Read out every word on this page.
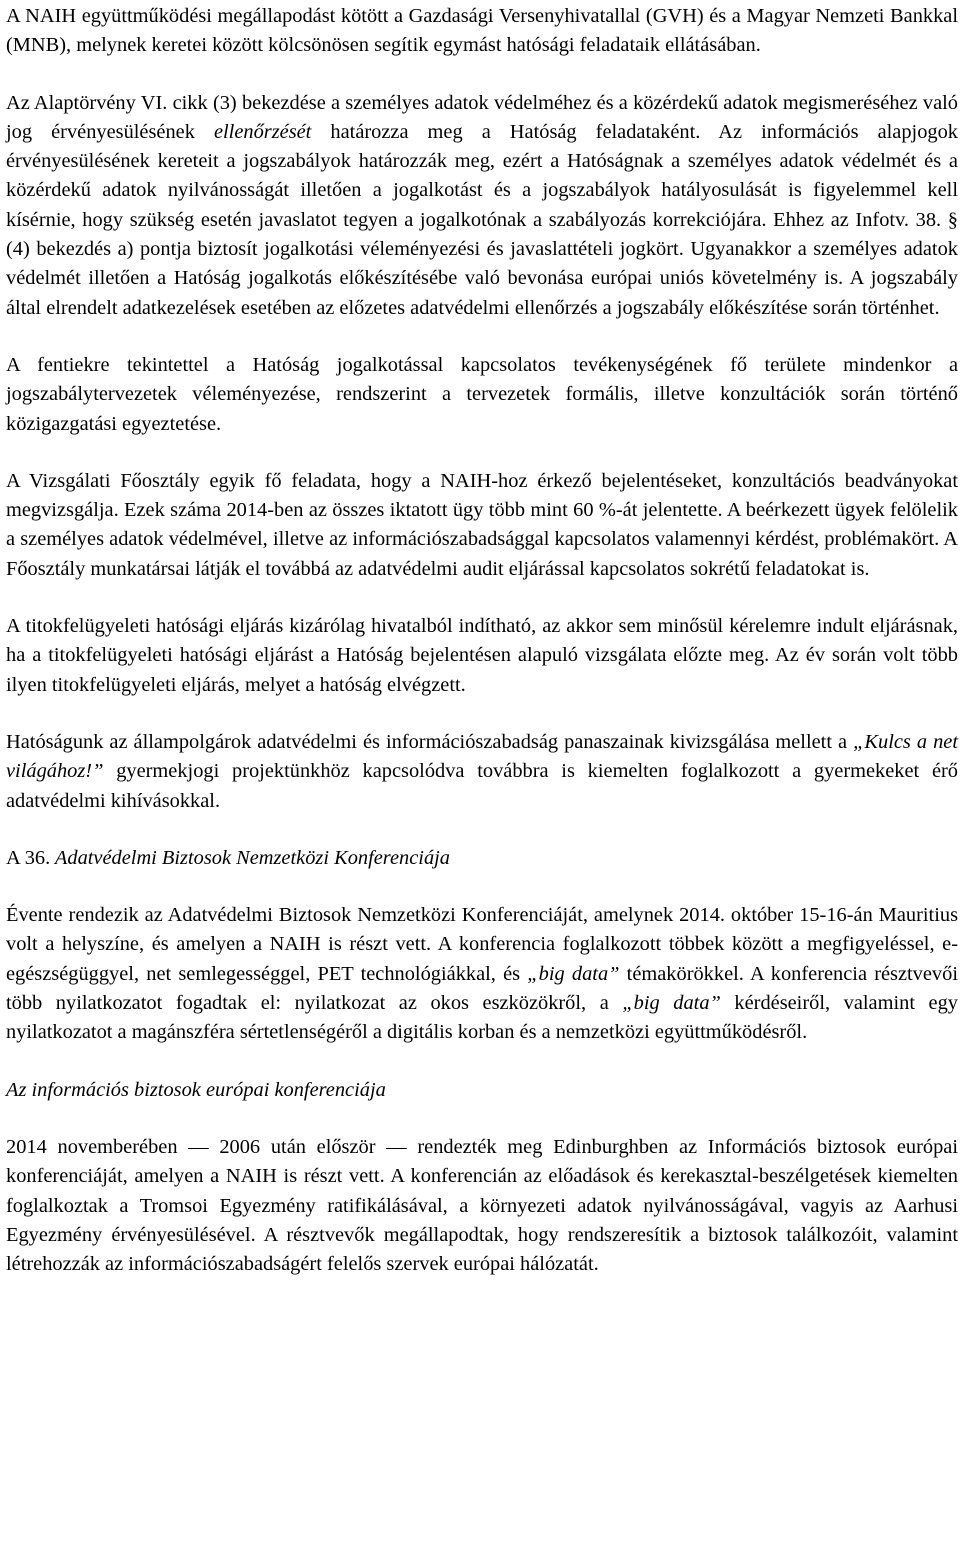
A NAIH együttműködési megállapodást kötött a Gazdasági Versenyhivatallal (GVH) és a Magyar Nemzeti Bankkal (MNB), melynek keretei között kölcsönösen segítik egymást hatósági feladataik ellátásában.

Az Alaptörvény VI. cikk (3) bekezdése a személyes adatok védelméhez és a közérdekű adatok megismeréséhez való jog érvényesülésének ellenőrzését határozza meg a Hatóság feladataként. Az információs alapjogok érvényesülésének kereteit a jogszabályok határozzák meg, ezért a Hatóságnak a személyes adatok védelmét és a közérdekű adatok nyilvánosságát illetően a jogalkotást és a jogszabályok hatályosulását is figyelemmel kell kísérnie, hogy szükség esetén javaslatot tegyen a jogalkotónak a szabályozás korrekciójára. Ehhez az Infotv. 38. § (4) bekezdés a) pontja biztosít jogalkotási véleményezési és javaslattételi jogkört. Ugyanakkor a személyes adatok védelmét illetően a Hatóság jogalkotás előkészítésébe való bevonása európai uniós követelmény is. A jogszabály által elrendelt adatkezelések esetében az előzetes adatvédelmi ellenőrzés a jogszabály előkészítése során történhet.

A fentiekre tekintettel a Hatóság jogalkotással kapcsolatos tevékenységének fő területe mindenkor a jogszabálytervezetek véleményezése, rendszerint a tervezetek formális, illetve konzultációk során történő közigazgatási egyeztetése.

A Vizsgálati Főosztály egyik fő feladata, hogy a NAIH-hoz érkező bejelentéseket, konzultációs beadványokat megvizsgálja. Ezek száma 2014-ben az összes iktatott ügy több mint 60 %-át jelentette. A beérkezett ügyek felölelik a személyes adatok védelmével, illetve az információszabadsággal kapcsolatos valamennyi kérdést, problémakört. A Főosztály munkatársai látják el továbbá az adatvédelmi audit eljárással kapcsolatos sokrétű feladatokat is.

A titokfelügyeleti hatósági eljárás kizárólag hivatalból indítható, az akkor sem minősül kérelemre indult eljárásnak, ha a titokfelügyeleti hatósági eljárást a Hatóság bejelentésen alapuló vizsgálata előzte meg. Az év során volt több ilyen titokfelügyeleti eljárás, melyet a hatóság elvégzett.

Hatóságunk az állampolgárok adatvédelmi és információszabadság panaszainak kivizsgálása mellett a „Kulcs a net világához!” gyermekjogi projektünkhöz kapcsolódva továbbra is kiemelten foglalkozott a gyermekeket érő adatvédelmi kihívásokkal.

A 36. Adatvédelmi Biztosok Nemzetközi Konferenciája

Évente rendezik az Adatvédelmi Biztosok Nemzetközi Konferenciáját, amelynek 2014. október 15-16-án Mauritius volt a helyszíne, és amelyen a NAIH is részt vett. A konferencia foglalkozott többek között a megfigyeléssel, e-egészségüggyel, net semlegességgel, PET technológiákkal, és „big data” témakörökkel. A konferencia résztvevői több nyilatkozatot fogadtak el: nyilatkozat az okos eszközökről, a „big data” kérdéseiről, valamint egy nyilatkozatot a magánszféra sértetlenségéről a digitális korban és a nemzetközi együttműködésről.

Az információs biztosok európai konferenciája

2014 novemberében — 2006 után először — rendezték meg Edinburghben az Információs biztosok európai konferenciáját, amelyen a NAIH is részt vett. A konferencián az előadások és kerekasztal-beszélgetések kiemelten foglalkoztak a Tromsoi Egyezmény ratifikálásával, a környezeti adatok nyilvánosságával, vagyis az Aarhusi Egyezmény érvényesülésével. A résztvevők megállapodtak, hogy rendszeresítik a biztosok találkozóit, valamint létrehozzák az információszabadságért felelős szervek európai hálózatát.
